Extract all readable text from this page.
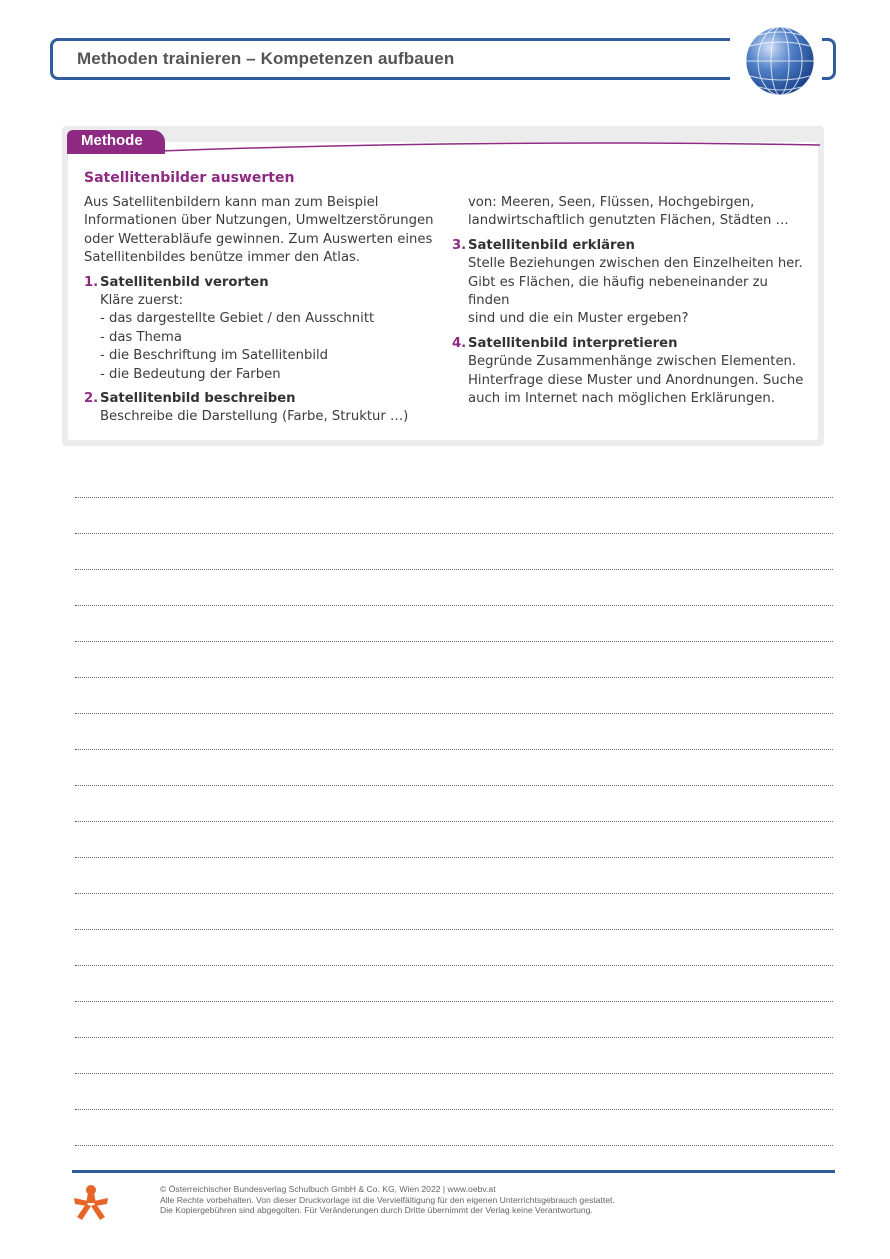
Methoden trainieren – Kompetenzen aufbauen
Methode
Satellitenbilder auswerten
Aus Satellitenbildern kann man zum Beispiel
Informationen über Nutzungen, Umweltzerstörungen
oder Wetterabläufe gewinnen. Zum Auswerten eines
Satellitenbildes benütze immer den Atlas.
1. Satellitenbild verorten
Kläre zuerst:
- das dargestellte Gebiet / den Ausschnitt
- das Thema
- die Beschriftung im Satellitenbild
- die Bedeutung der Farben
2. Satellitenbild beschreiben
Beschreibe die Darstellung (Farbe, Struktur …)
von: Meeren, Seen, Flüssen, Hochgebirgen,
landwirtschaftlich genutzten Flächen, Städten …
3. Satellitenbild erklären
Stelle Beziehungen zwischen den Einzelheiten her.
Gibt es Flächen, die häufig nebeneinander zu finden
sind und die ein Muster ergeben?
4. Satellitenbild interpretieren
Begründe Zusammenhänge zwischen Elementen.
Hinterfrage diese Muster und Anordnungen. Suche
auch im Internet nach möglichen Erklärungen.
© Österreichischer Bundesverlag Schulbuch GmbH & Co. KG, Wien 2022 | www.oebv.at
Alle Rechte vorbehalten. Von dieser Druckvorlage ist die Vervielfältigung für den eigenen Unterrichtsgebrauch gestattet.
Die Kopiergebühren sind abgegolten. Für Veränderungen durch Dritte übernimmt der Verlag keine Verantwortung.
